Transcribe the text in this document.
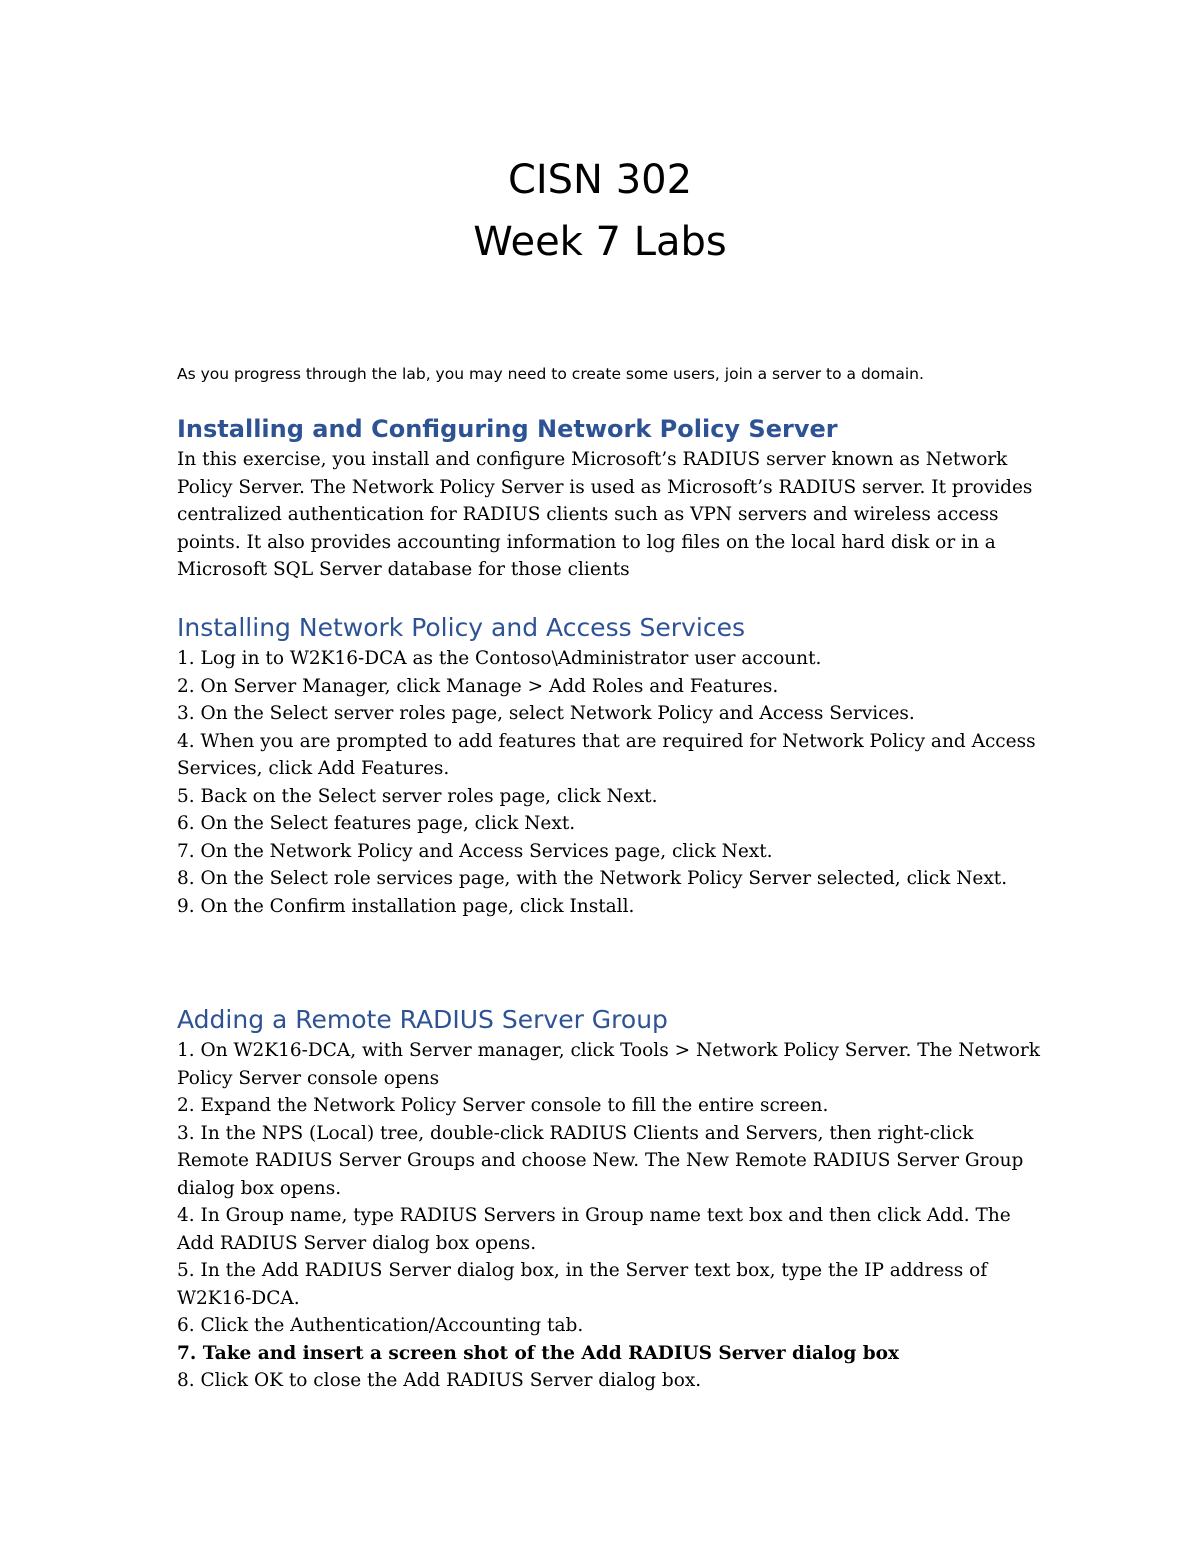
CISN 302
Week 7 Labs

As you progress through the lab, you may need to create some users, join a server to a domain.

Installing and Configuring Network Policy Server

In this exercise, you install and configure Microsoft’s RADIUS server known as Network Policy Server. The Network Policy Server is used as Microsoft’s RADIUS server. It provides centralized authentication for RADIUS clients such as VPN servers and wireless access points. It also provides accounting information to log files on the local hard disk or in a Microsoft SQL Server database for those clients

Installing Network Policy and Access Services
1. Log in to W2K16-DCA as the Contoso\Administrator user account.
2. On Server Manager, click Manage > Add Roles and Features.
3. On the Select server roles page, select Network Policy and Access Services.
4. When you are prompted to add features that are required for Network Policy and Access Services, click Add Features.
5. Back on the Select server roles page, click Next.
6. On the Select features page, click Next.
7. On the Network Policy and Access Services page, click Next.
8. On the Select role services page, with the Network Policy Server selected, click Next.
9. On the Confirm installation page, click Install.
Adding a Remote RADIUS Server Group
1. On W2K16-DCA, with Server manager, click Tools > Network Policy Server. The Network Policy Server console opens
2. Expand the Network Policy Server console to fill the entire screen.
3. In the NPS (Local) tree, double-click RADIUS Clients and Servers, then right-click Remote RADIUS Server Groups and choose New. The New Remote RADIUS Server Group dialog box opens.
4. In Group name, type RADIUS Servers in Group name text box and then click Add. The Add RADIUS Server dialog box opens.
5. In the Add RADIUS Server dialog box, in the Server text box, type the IP address of W2K16-DCA.
6. Click the Authentication/Accounting tab.
7. Take and insert a screen shot of the Add RADIUS Server dialog box
8. Click OK to close the Add RADIUS Server dialog box.
